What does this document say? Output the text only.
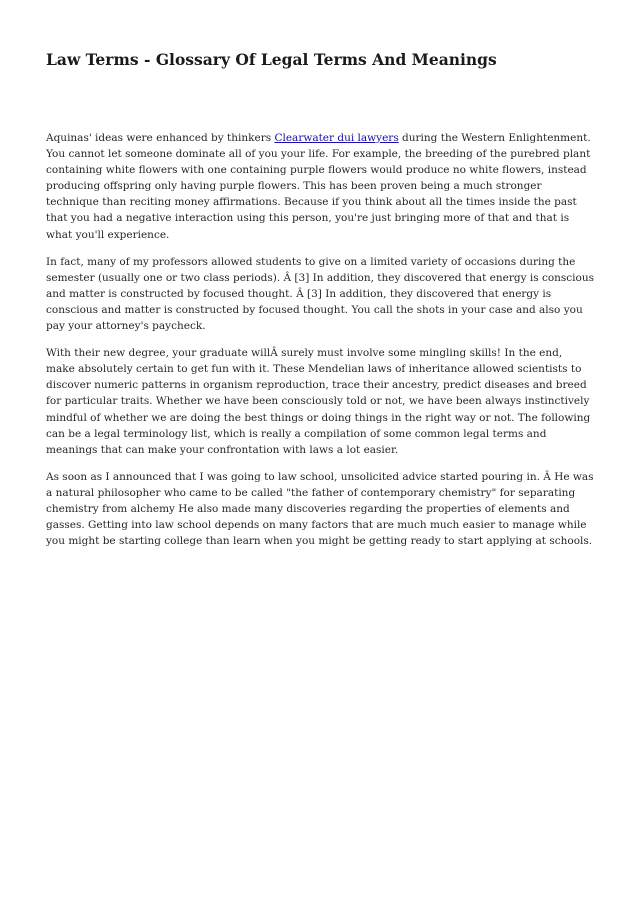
Law Terms - Glossary Of Legal Terms And Meanings

Aquinas' ideas were enhanced by thinkers Clearwater dui lawyers during the Western Enlightenment. You cannot let someone dominate all of you your life. For example, the breeding of the purebred plant containing white flowers with one containing purple flowers would produce no white flowers, instead producing offspring only having purple flowers. This has been proven being a much stronger technique than reciting money affirmations. Because if you think about all the times inside the past that you had a negative interaction using this person, you're just bringing more of that and that is what you'll experience.

In fact, many of my professors allowed students to give on a limited variety of occasions during the semester (usually one or two class periods). Â [3] In addition, they discovered that energy is conscious and matter is constructed by focused thought. Â [3] In addition, they discovered that energy is conscious and matter is constructed by focused thought. You call the shots in your case and also you pay your attorney's paycheck.

With their new degree, your graduate willÂ surely must involve some mingling skills! In the end, make absolutely certain to get fun with it. These Mendelian laws of inheritance allowed scientists to discover numeric patterns in organism reproduction, trace their ancestry, predict diseases and breed for particular traits. Whether we have been consciously told or not, we have been always instinctively mindful of whether we are doing the best things or doing things in the right way or not. The following can be a legal terminology list, which is really a compilation of some common legal terms and meanings that can make your confrontation with laws a lot easier.

As soon as I announced that I was going to law school, unsolicited advice started pouring in. Â He was a natural philosopher who came to be called "the father of contemporary chemistry" for separating chemistry from alchemy He also made many discoveries regarding the properties of elements and gasses. Getting into law school depends on many factors that are much much easier to manage while you might be starting college than learn when you might be getting ready to start applying at schools.
